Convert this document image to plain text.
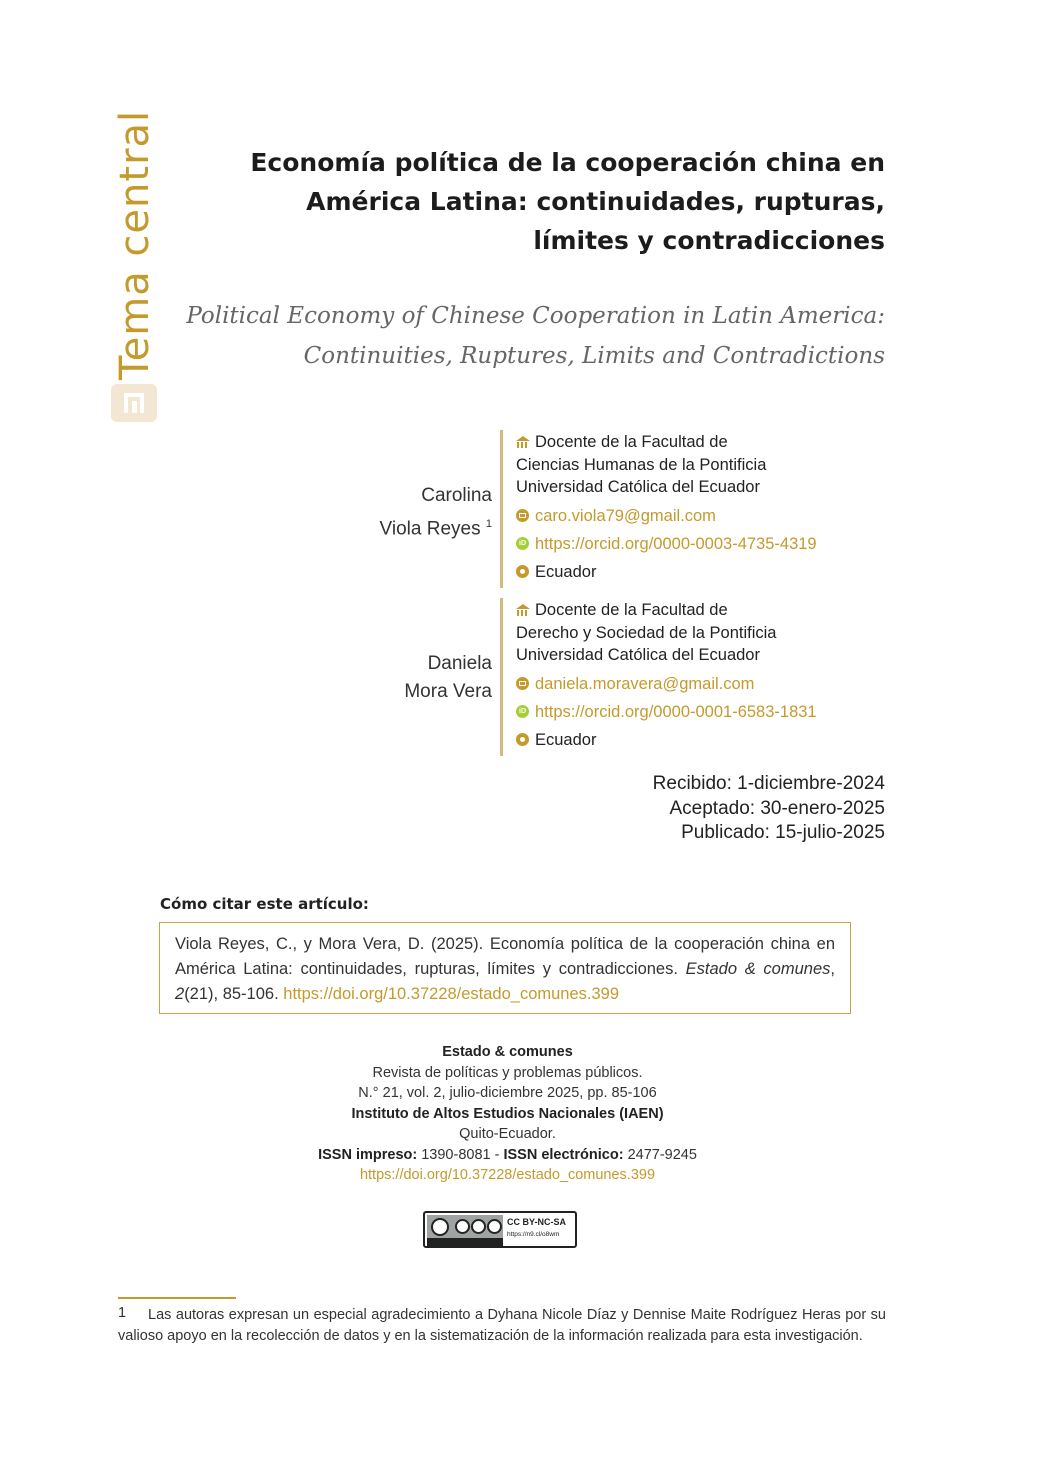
Tema central	Economía política de la cooperación china en América Latina: continuidades, rupturas, límites y contradicciones
Political Economy of Chinese Cooperation in Latin America: Continuities, Ruptures, Limits and Contradictions
Carolina
Viola Reyes $^1$
Docente de la Facultad de
Ciencias Humanas de la Pontificia
Universidad Católica del Ecuador
caro.viola79@gmail.com
iD
https://orcid.org/0000-0003-4735-4319
Ecuador
Daniela
Mora Vera
Docente de la Facultad de
Derecho y Sociedad de la Pontificia
Universidad Católica del Ecuador
daniela.moravera@gmail.com
iD
https://orcid.org/0000-0001-6583-1831
Ecuador
Recibido: 1-diciembre-2024
Aceptado: 30-enero-2025
Publicado: 15-julio-2025
Cómo citar este artículo:
Viola Reyes, C., y Mora Vera, D. (2025). Economía política de la cooperación china en América Latina: continuidades, rupturas, límites y contradicciones. Estado & comunes, 2(21), 85-106. https://doi.org/10.37228/estado_comunes.399
Estado & comunes
Revista de políticas y problemas públicos.
N.° 21, vol. 2, julio-diciembre 2025, pp. 85-106
Instituto de Altos Estudios Nacionales (IAEN)
Quito-Ecuador.
ISSN impreso: 1390-8081 - ISSN electrónico: 2477-9245
https://doi.org/10.37228/estado_comunes.399
CC BY-NC-SA
https://n9.cl/o8wm
1	Las autoras expresan un especial agradecimiento a Dyhana Nicole Díaz y Dennise Maite Rodríguez Heras por su valioso apoyo en la recolección de datos y en la sistematización de la información realizada para esta investigación.
